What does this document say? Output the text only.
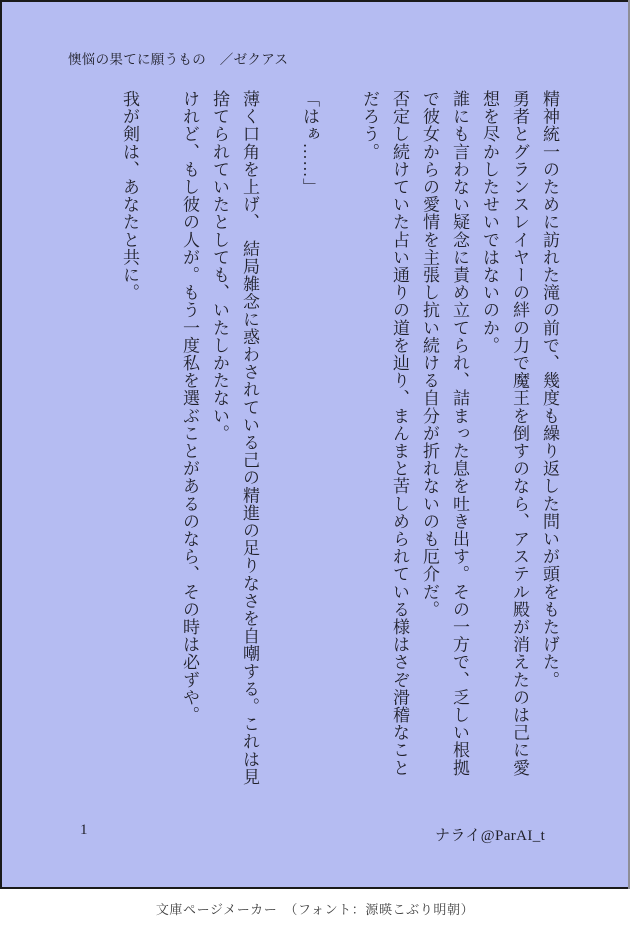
懊悩の果てに願うもの　／ゼクアス
精神統一のために訪れた滝の前で、幾度も繰り返した問いが頭をもたげた。
勇者とグランスレイヤーの絆の力で魔王を倒すのなら、アステル殿が消えたのは己に愛
想を尽かしたせいではないのか。
誰にも言わない疑念に責め立てられ、詰まった息を吐き出す。その一方で、乏しい根拠
で彼女からの愛情を主張し抗い続ける自分が折れないのも厄介だ。
否定し続けていた占い通りの道を辿り、まんまと苦しめられている様はさぞ滑稽なこと
だろう。
「はぁ……」
薄く口角を上げ、　結局雑念に惑わされている己の精進の足りなさを自嘲する。これは見
捨てられていたとしても、いたしかたない。
けれど、もし彼の人が。もう一度私を選ぶことがあるのなら、その時は必ずや。
我が剣は、あなたと共に。
1	ナライ@ParAI_t
文庫ページメーカー　（フォント：源暎こぶり明朝）
